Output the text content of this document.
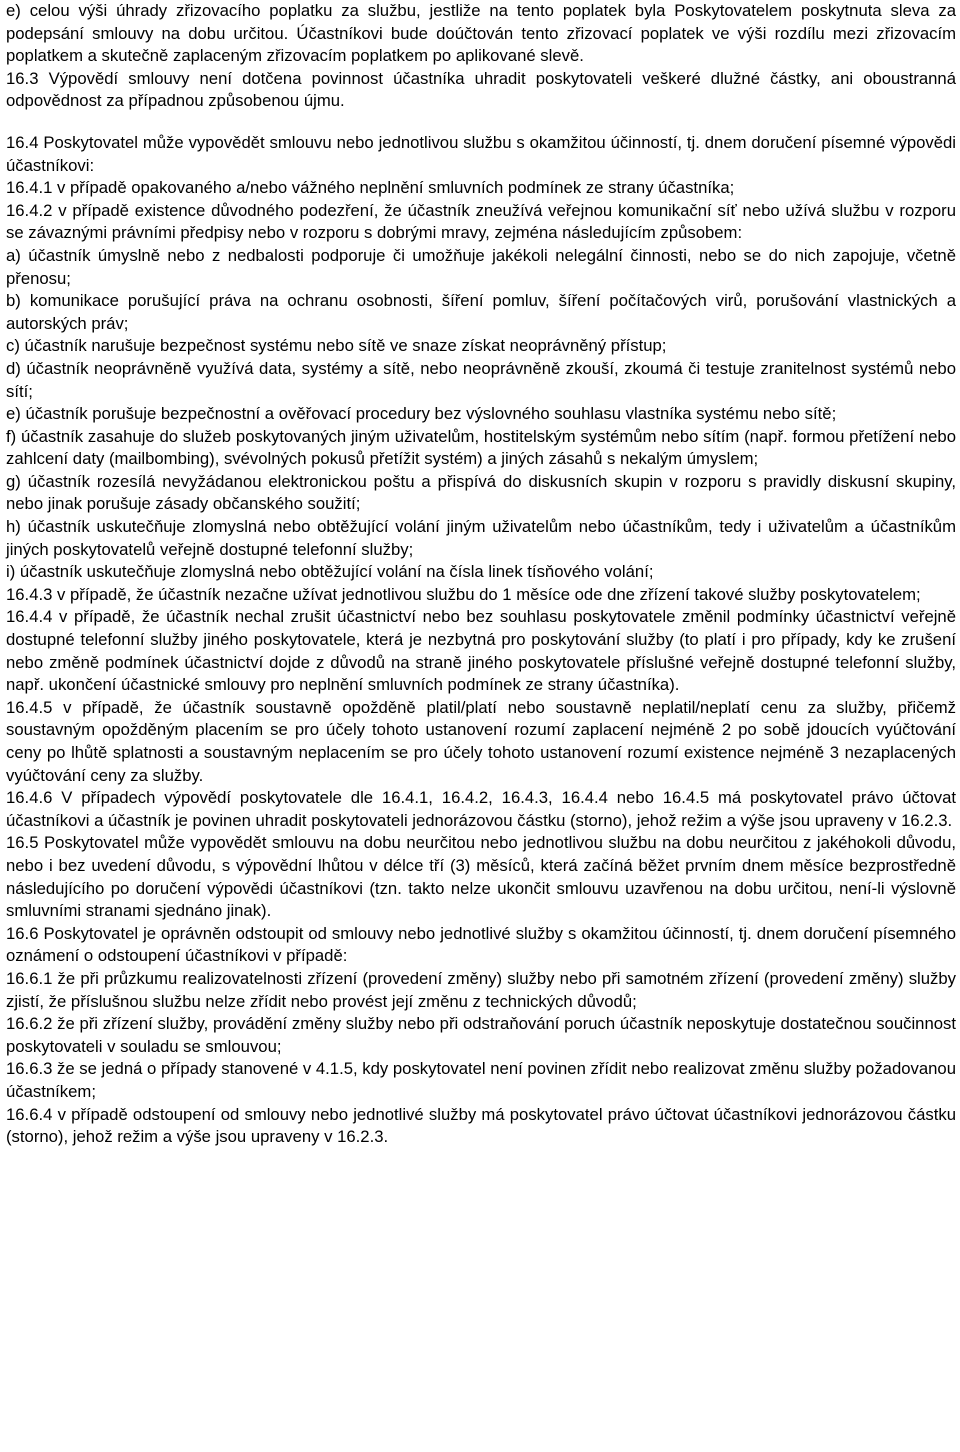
e) celou výši úhrady zřizovacího poplatku za službu, jestliže na tento poplatek byla Poskytovatelem poskytnuta sleva za podepsání smlouvy na dobu určitou. Účastníkovi bude doúčtován tento zřizovací poplatek ve výši rozdílu mezi zřizovacím poplatkem a skutečně zaplaceným zřizovacím poplatkem po aplikované slevě.

16.3 Výpovědí smlouvy není dotčena povinnost účastníka uhradit poskytovateli veškeré dlužné částky, ani oboustranná odpovědnost za případnou způsobenou újmu.

16.4 Poskytovatel může vypovědět smlouvu nebo jednotlivou službu s okamžitou účinností, tj. dnem doručení písemné výpovědi účastníkovi:

16.4.1 v případě opakovaného a/nebo vážného neplnění smluvních podmínek ze strany účastníka;

16.4.2 v případě existence důvodného podezření, že účastník zneužívá veřejnou komunikační síť nebo užívá službu v rozporu se závaznými právními předpisy nebo v rozporu s dobrými mravy, zejména následujícím způsobem:

a) účastník úmyslně nebo z nedbalosti podporuje či umožňuje jakékoli nelegální činnosti, nebo se do nich zapojuje, včetně přenosu;

b) komunikace porušující práva na ochranu osobnosti, šíření pomluv, šíření počítačových virů, porušování vlastnických a autorských práv;

c) účastník narušuje bezpečnost systému nebo sítě ve snaze získat neoprávněný přístup;

d) účastník neoprávněně využívá data, systémy a sítě, nebo neoprávněně zkouší, zkoumá či testuje zranitelnost systémů nebo sítí;

e) účastník porušuje bezpečnostní a ověřovací procedury bez výslovného souhlasu vlastníka systému nebo sítě;

f) účastník zasahuje do služeb poskytovaných jiným uživatelům, hostitelským systémům nebo sítím (např. formou přetížení nebo zahlcení daty (mailbombing), svévolných pokusů přetížit systém) a jiných zásahů s nekalým úmyslem;

g) účastník rozesílá nevyžádanou elektronickou poštu a přispívá do diskusních skupin v rozporu s pravidly diskusní skupiny, nebo jinak porušuje zásady občanského soužití;

h) účastník uskutečňuje zlomyslná nebo obtěžující volání jiným uživatelům nebo účastníkům, tedy i uživatelům a účastníkům jiných poskytovatelů veřejně dostupné telefonní služby;

i) účastník uskutečňuje zlomyslná nebo obtěžující volání na čísla linek tísňového volání;

16.4.3 v případě, že účastník nezačne užívat jednotlivou službu do 1 měsíce ode dne zřízení takové služby poskytovatelem;

16.4.4 v případě, že účastník nechal zrušit účastnictví nebo bez souhlasu poskytovatele změnil podmínky účastnictví veřejně dostupné telefonní služby jiného poskytovatele, která je nezbytná pro poskytování služby (to platí i pro případy, kdy ke zrušení nebo změně podmínek účastnictví dojde z důvodů na straně jiného poskytovatele příslušné veřejně dostupné telefonní služby, např. ukončení účastnické smlouvy pro neplnění smluvních podmínek ze strany účastníka).

16.4.5 v případě, že účastník soustavně opožděně platil/platí nebo soustavně neplatil/neplatí cenu za služby, přičemž soustavným opožděným placením se pro účely tohoto ustanovení rozumí zaplacení nejméně 2 po sobě jdoucích vyúčtování ceny po lhůtě splatnosti a soustavným neplacením se pro účely tohoto ustanovení rozumí existence nejméně 3 nezaplacených vyúčtování ceny za služby.

16.4.6 V případech výpovědí poskytovatele dle 16.4.1, 16.4.2, 16.4.3, 16.4.4 nebo 16.4.5 má poskytovatel právo účtovat účastníkovi a účastník je povinen uhradit poskytovateli jednorázovou částku (storno), jehož režim a výše jsou upraveny v 16.2.3.

16.5 Poskytovatel může vypovědět smlouvu na dobu neurčitou nebo jednotlivou službu na dobu neurčitou z jakéhokoli důvodu, nebo i bez uvedení důvodu, s výpovědní lhůtou v délce tří (3) měsíců, která začíná běžet prvním dnem měsíce bezprostředně následujícího po doručení výpovědi účastníkovi (tzn. takto nelze ukončit smlouvu uzavřenou na dobu určitou, není-li výslovně smluvními stranami sjednáno jinak).

16.6 Poskytovatel je oprávněn odstoupit od smlouvy nebo jednotlivé služby s okamžitou účinností, tj. dnem doručení písemného oznámení o odstoupení účastníkovi v případě:

16.6.1 že při průzkumu realizovatelnosti zřízení (provedení změny) služby nebo při samotném zřízení (provedení změny) služby zjistí, že příslušnou službu nelze zřídit nebo provést její změnu z technických důvodů;

16.6.2 že při zřízení služby, provádění změny služby nebo při odstraňování poruch účastník neposkytuje dostatečnou součinnost poskytovateli v souladu se smlouvou;

16.6.3 že se jedná o případy stanovené v 4.1.5, kdy poskytovatel není povinen zřídit nebo realizovat změnu služby požadovanou účastníkem;

16.6.4 v případě odstoupení od smlouvy nebo jednotlivé služby má poskytovatel právo účtovat účastníkovi jednorázovou částku (storno), jehož režim a výše jsou upraveny v 16.2.3.
